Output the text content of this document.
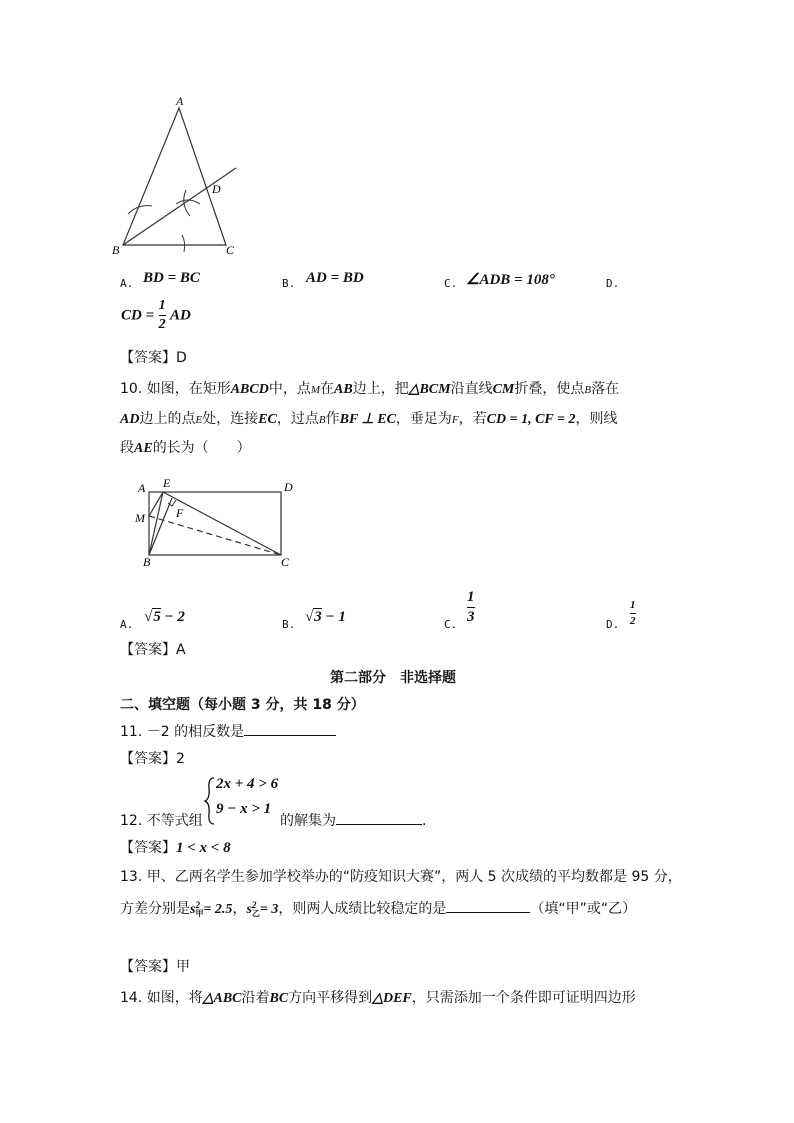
A
B	C
D
A. BD = BC	B. AD = BD	C. ∠ADB = 108°	D.
CD = $\frac{1}{2}$ AD
【答案】D
10. 如图，在矩形ABCD中，点M在AB边上，把△BCM沿直线CM折叠，使点B落在
AD边上的点E处，连接EC，过点B作BF ⊥ EC，垂足为F，若CD = 1, CF = 2，则线
段AE的长为（　　）
A E	D
M	F
B	C
A. √5 − 2	B. √3 − 1	C.
1
3	D.
1
2
【答案】A
第二部分　非选择题
二、填空题（每小题 3 分，共 18 分）
11. －2 的相反数是
【答案】2
12. 不等式组
2x + 4 > 6
9 − x > 1
的解集为	.
【答案】1 < x < 8
13. 甲、乙两名学生参加学校举办的“防疫知识大赛”，两人 5 次成绩的平均数都是 95 分，
方差分别是s 2
甲 = 2.5，s 2
乙 = 3，则两人成绩比较稳定的是	（填“甲”或“乙）
【答案】甲
14. 如图，将△ABC沿着BC方向平移得到△DEF，只需添加一个条件即可证明四边形
